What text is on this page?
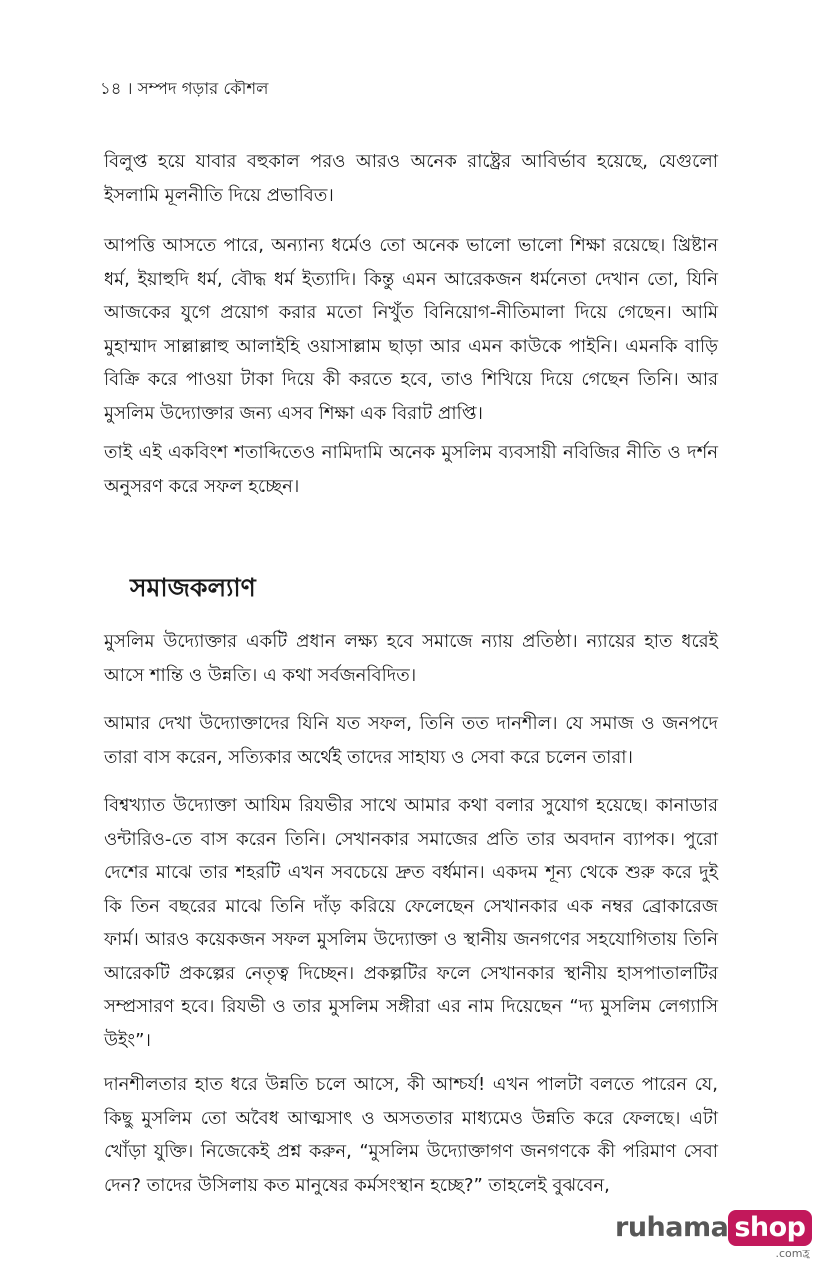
১৪ । সম্পদ গড়ার কৌশল

বিলুপ্ত হয়ে যাবার বহুকাল পরও আরও অনেক রাষ্ট্রের আবির্ভাব হয়েছে, যেগুলো ইসলামি মূলনীতি দিয়ে প্রভাবিত।

আপত্তি আসতে পারে, অন্যান্য ধর্মেও তো অনেক ভালো ভালো শিক্ষা রয়েছে। খ্রিষ্টান ধর্ম, ইয়াহুদি ধর্ম, বৌদ্ধ ধর্ম ইত্যাদি। কিন্তু এমন আরেকজন ধর্মনেতা দেখান তো, যিনি আজকের যুগে প্রয়োগ করার মতো নিখুঁত বিনিয়োগ-নীতিমালা দিয়ে গেছেন। আমি মুহাম্মাদ সাল্লাল্লাহু আলাইহি ওয়াসাল্লাম ছাড়া আর এমন কাউকে পাইনি। এমনকি বাড়ি বিক্রি করে পাওয়া টাকা দিয়ে কী করতে হবে, তাও শিখিয়ে দিয়ে গেছেন তিনি। আর মুসলিম উদ্যোক্তার জন্য এসব শিক্ষা এক বিরাট প্রাপ্তি।

তাই এই একবিংশ শতাব্দিতেও নামিদামি অনেক মুসলিম ব্যবসায়ী নবিজির নীতি ও দর্শন অনুসরণ করে সফল হচ্ছেন।

সমাজকল্যাণ

মুসলিম উদ্যোক্তার একটি প্রধান লক্ষ্য হবে সমাজে ন্যায় প্রতিষ্ঠা। ন্যায়ের হাত ধরেই আসে শান্তি ও উন্নতি। এ কথা সর্বজনবিদিত।

আমার দেখা উদ্যোক্তাদের যিনি যত সফল, তিনি তত দানশীল। যে সমাজ ও জনপদে তারা বাস করেন, সত্যিকার অর্থেই তাদের সাহায্য ও সেবা করে চলেন তারা।

বিশ্বখ্যাত উদ্যোক্তা আযিম রিযভীর সাথে আমার কথা বলার সুযোগ হয়েছে। কানাডার ওন্টারিও-তে বাস করেন তিনি। সেখানকার সমাজের প্রতি তার অবদান ব্যাপক। পুরো দেশের মাঝে তার শহরটি এখন সবচেয়ে দ্রুত বর্ধমান। একদম শূন্য থেকে শুরু করে দুই কি তিন বছরের মাঝে তিনি দাঁড় করিয়ে ফেলেছেন সেখানকার এক নম্বর ব্রোকারেজ ফার্ম। আরও কয়েকজন সফল মুসলিম উদ্যোক্তা ও স্থানীয় জনগণের সহযোগিতায় তিনি আরেকটি প্রকল্পের নেতৃত্ব দিচ্ছেন। প্রকল্পটির ফলে সেখানকার স্থানীয় হাসপাতালটির সম্প্রসারণ হবে। রিযভী ও তার মুসলিম সঙ্গীরা এর নাম দিয়েছেন “দ্য মুসলিম লেগ্যাসি উইং”।

দানশীলতার হাত ধরে উন্নতি চলে আসে, কী আশ্চর্য! এখন পালটা বলতে পারেন যে, কিছু মুসলিম তো অবৈধ আত্মসাৎ ও অসততার মাধ্যমেও উন্নতি করে ফেলছে। এটা খোঁড়া যুক্তি। নিজেকেই প্রশ্ন করুন, “মুসলিম উদ্যোক্তাগণ জনগণকে কী পরিমাণ সেবা দেন? তাদের উসিলায় কত মানুষের কর্মসংস্থান হচ্ছে?” তাহলেই বুঝবেন,

ruhama shop
.comহ্র
